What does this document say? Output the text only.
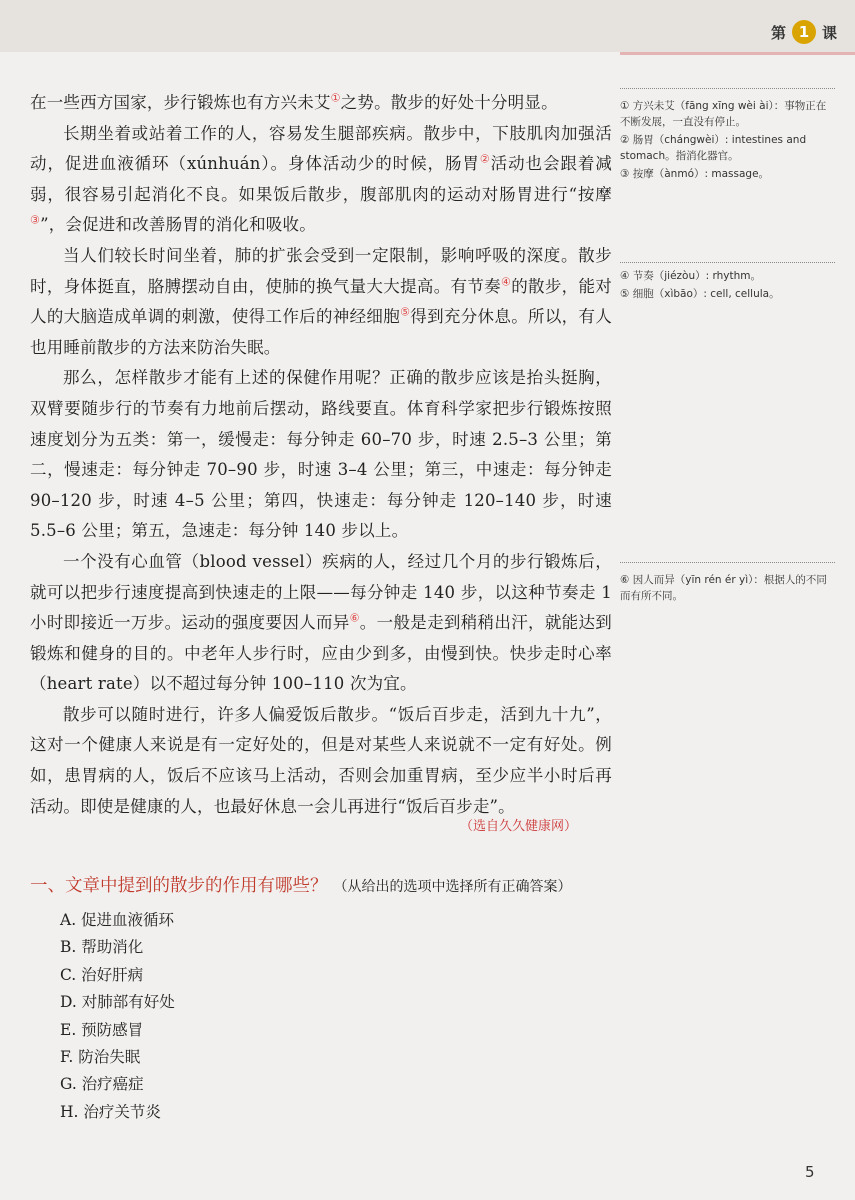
第 1 课

在一些西方国家，步行锻炼也有方兴未艾①之势。散步的好处十分明显。

长期坐着或站着工作的人，容易发生腿部疾病。散步中，下肢肌肉加强活动，促进血液循环（xúnhuán）。身体活动少的时候，肠胃②活动也会跟着减弱，很容易引起消化不良。如果饭后散步，腹部肌肉的运动对肠胃进行“按摩③”，会促进和改善肠胃的消化和吸收。

当人们较长时间坐着，肺的扩张会受到一定限制，影响呼吸的深度。散步时，身体挺直，胳膊摆动自由，使肺的换气量大大提高。有节奏④的散步，能对人的大脑造成单调的刺激，使得工作后的神经细胞⑤得到充分休息。所以，有人也用睡前散步的方法来防治失眠。

那么，怎样散步才能有上述的保健作用呢？正确的散步应该是抬头挺胸，双臂要随步行的节奏有力地前后摆动，路线要直。体育科学家把步行锻炼按照速度划分为五类：第一，缓慢走：每分钟走 60–70 步，时速 2.5–3 公里；第二，慢速走：每分钟走 70–90 步，时速 3–4 公里；第三，中速走：每分钟走 90–120 步，时速 4–5 公里；第四，快速走：每分钟走 120–140 步，时速 5.5–6 公里；第五，急速走：每分钟 140 步以上。

一个没有心血管（blood vessel）疾病的人，经过几个月的步行锻炼后，就可以把步行速度提高到快速走的上限——每分钟走 140 步，以这种节奏走 1 小时即接近一万步。运动的强度要因人而异⑥。一般是走到稍稍出汗，就能达到锻炼和健身的目的。中老年人步行时，应由少到多，由慢到快。快步走时心率（heart rate）以不超过每分钟 100–110 次为宜。

散步可以随时进行，许多人偏爱饭后散步。“饭后百步走，活到九十九”，这对一个健康人来说是有一定好处的，但是对某些人来说就不一定有好处。例如，患胃病的人，饭后不应该马上活动，否则会加重胃病，至少应半小时后再活动。即使是健康的人，也最好休息一会儿再进行“饭后百步走”。

① 方兴未艾（fāng xīng wèi ài）：事物正在不断发展，一直没有停止。
② 肠胃（chángwèi）: intestines and stomach。指消化器官。
③ 按摩（ànmó）: massage。
④ 节奏（jiézòu）: rhythm。
⑤ 细胞（xìbāo）: cell, cellula。
⑥ 因人而异（yīn rén ér yì）：根据人的不同而有所不同。
（选自久久健康网）
一、文章中提到的散步的作用有哪些？ （从给出的选项中选择所有正确答案）
A. 促进血液循环
B. 帮助消化
C. 治好肝病
D. 对肺部有好处
E. 预防感冒
F. 防治失眠
G. 治疗癌症
H. 治疗关节炎
5
